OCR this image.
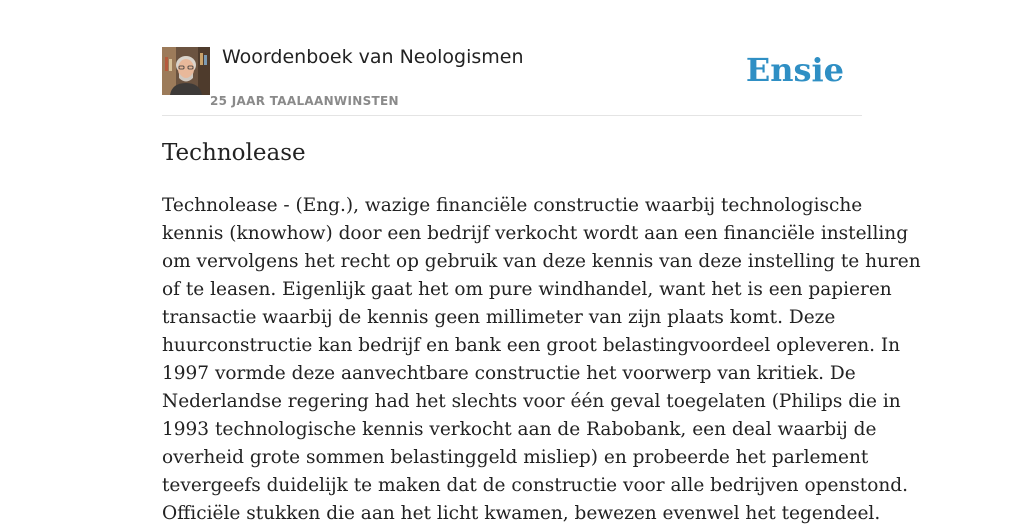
Woordenboek van Neologismen
25 JAAR TAALAANWINSTEN
Ensie
Technolease

Technolease - (Eng.), wazige financiële constructie waarbij technologische
kennis (knowhow) door een bedrijf verkocht wordt aan een financiële instelling
om vervolgens het recht op gebruik van deze kennis van deze instelling te huren
of te leasen. Eigenlijk gaat het om pure windhandel, want het is een papieren
transactie waarbij de kennis geen millimeter van zijn plaats komt. Deze
huurconstructie kan bedrijf en bank een groot belastingvoordeel opleveren. In
1997 vormde deze aanvechtbare constructie het voorwerp van kritiek. De
Nederlandse regering had het slechts voor één geval toegelaten (Philips die in
1993 technologische kennis verkocht aan de Rabobank, een deal waarbij de
overheid grote sommen belastinggeld misliep) en probeerde het parlement
tevergeefs duidelijk te maken dat de constructie voor alle bedrijven openstond.
Officiële stukken die aan het licht kwamen, bewezen evenwel het tegendeel.
